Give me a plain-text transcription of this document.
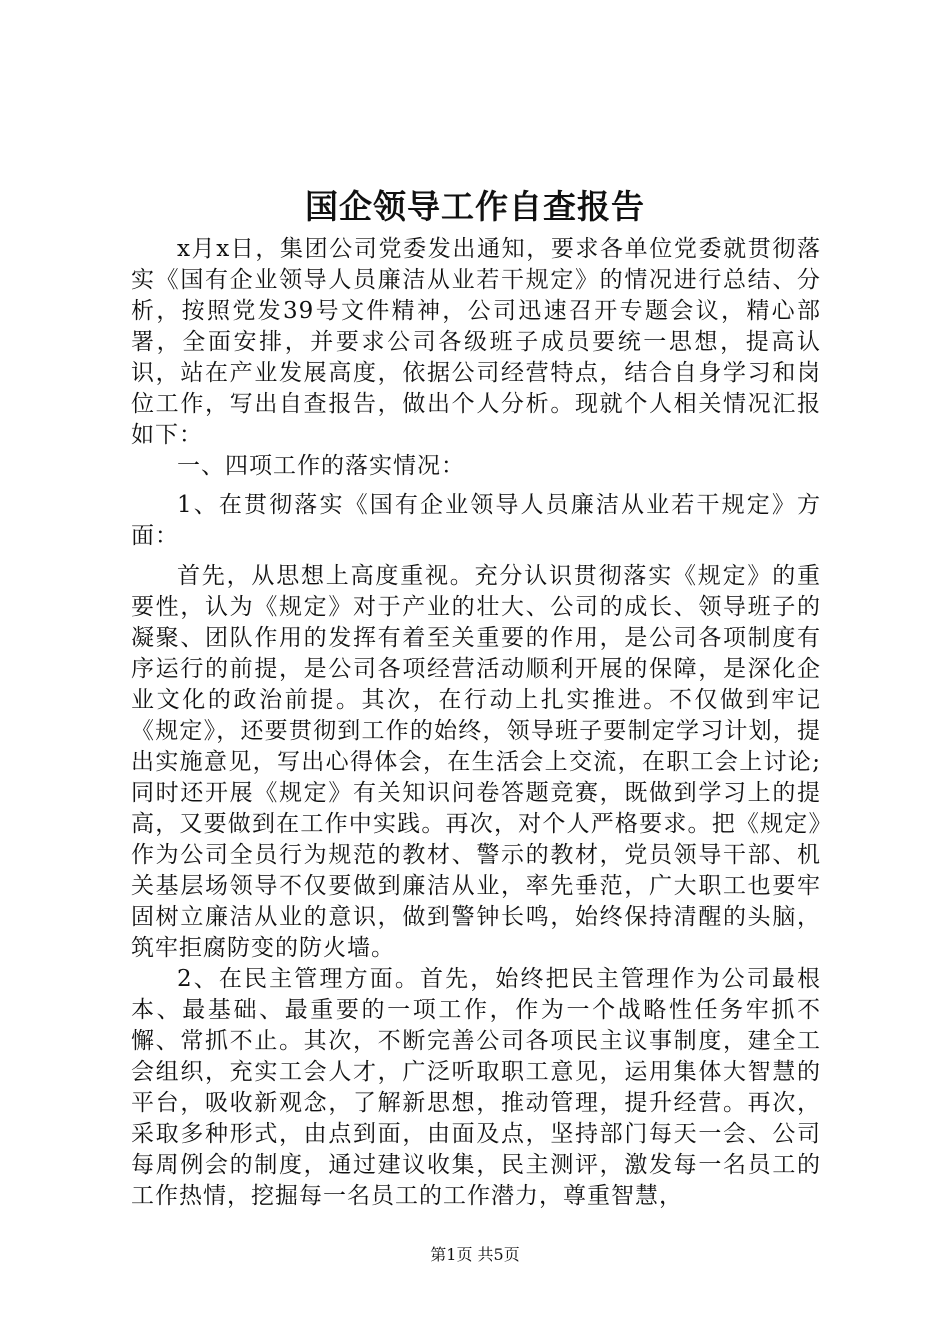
国企领导工作自查报告

x月x日，集团公司党委发出通知，要求各单位党委就贯彻落实《国有企业领导人员廉洁从业若干规定》的情况进行总结、分析，按照党发39号文件精神，公司迅速召开专题会议，精心部署，全面安排，并要求公司各级班子成员要统一思想，提高认识，站在产业发展高度，依据公司经营特点，结合自身学习和岗位工作，写出自查报告，做出个人分析。现就个人相关情况汇报如下：

一、四项工作的落实情况：

1、在贯彻落实《国有企业领导人员廉洁从业若干规定》方面：

首先，从思想上高度重视。充分认识贯彻落实《规定》的重要性，认为《规定》对于产业的壮大、公司的成长、领导班子的凝聚、团队作用的发挥有着至关重要的作用，是公司各项制度有序运行的前提，是公司各项经营活动顺利开展的保障，是深化企业文化的政治前提。其次，在行动上扎实推进。不仅做到牢记《规定》，还要贯彻到工作的始终，领导班子要制定学习计划，提出实施意见，写出心得体会，在生活会上交流，在职工会上讨论;同时还开展《规定》有关知识问卷答题竞赛，既做到学习上的提高，又要做到在工作中实践。再次，对个人严格要求。把《规定》作为公司全员行为规范的教材、警示的教材，党员领导干部、机关基层场领导不仅要做到廉洁从业，率先垂范，广大职工也要牢固树立廉洁从业的意识，做到警钟长鸣，始终保持清醒的头脑，筑牢拒腐防变的防火墙。

2、在民主管理方面。首先，始终把民主管理作为公司最根本、最基础、最重要的一项工作，作为一个战略性任务牢抓不懈、常抓不止。其次，不断完善公司各项民主议事制度，建全工会组织，充实工会人才，广泛听取职工意见，运用集体大智慧的平台，吸收新观念，了解新思想，推动管理，提升经营。再次，采取多种形式，由点到面，由面及点，坚持部门每天一会、公司每周例会的制度，通过建议收集，民主测评，激发每一名员工的工作热情，挖掘每一名员工的工作潜力，尊重智慧，

第1页 共5页
